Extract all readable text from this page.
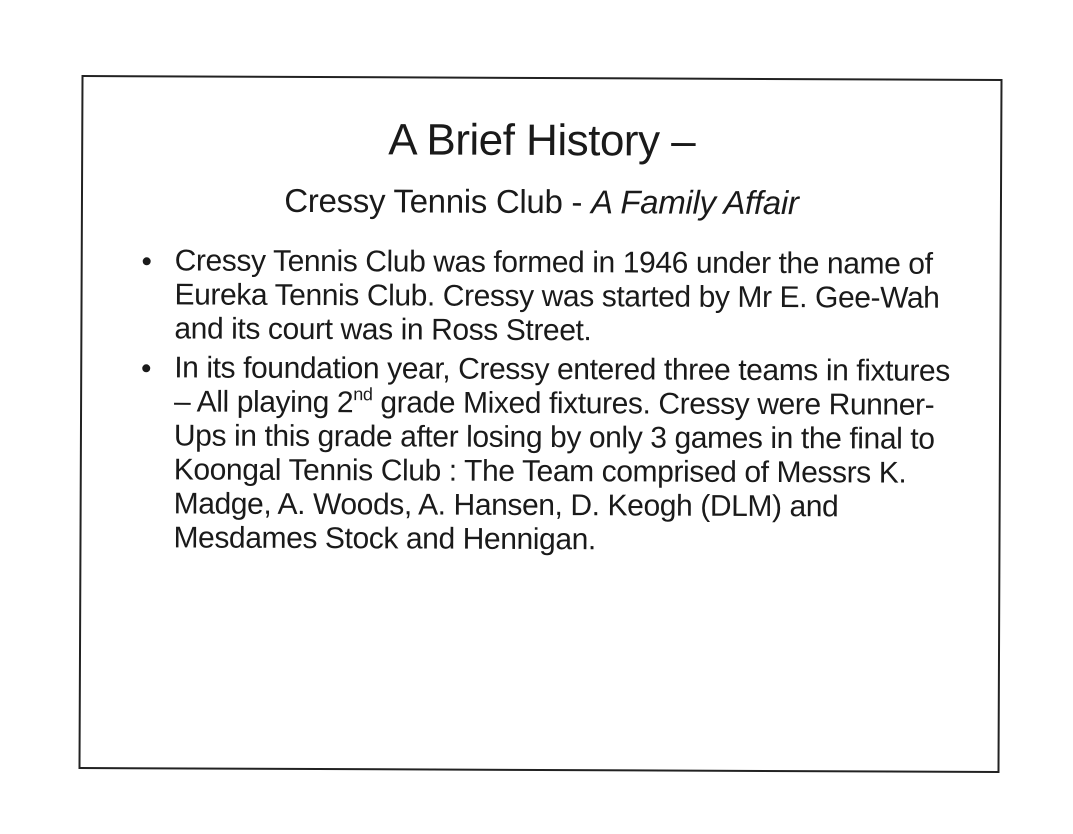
A Brief History –
Cressy Tennis Club - A Family Affair
Cressy Tennis Club was formed in 1946 under the name of Eureka Tennis Club. Cressy was started by Mr E. Gee-Wah and its court was in Ross Street.
In its foundation year, Cressy entered three teams in fixtures – All playing 2nd grade Mixed fixtures. Cressy were Runner-Ups in this grade after losing by only 3 games in the final to Koongal Tennis Club : The Team comprised of Messrs K. Madge, A. Woods, A. Hansen, D. Keogh (DLM) and Mesdames Stock and Hennigan.
